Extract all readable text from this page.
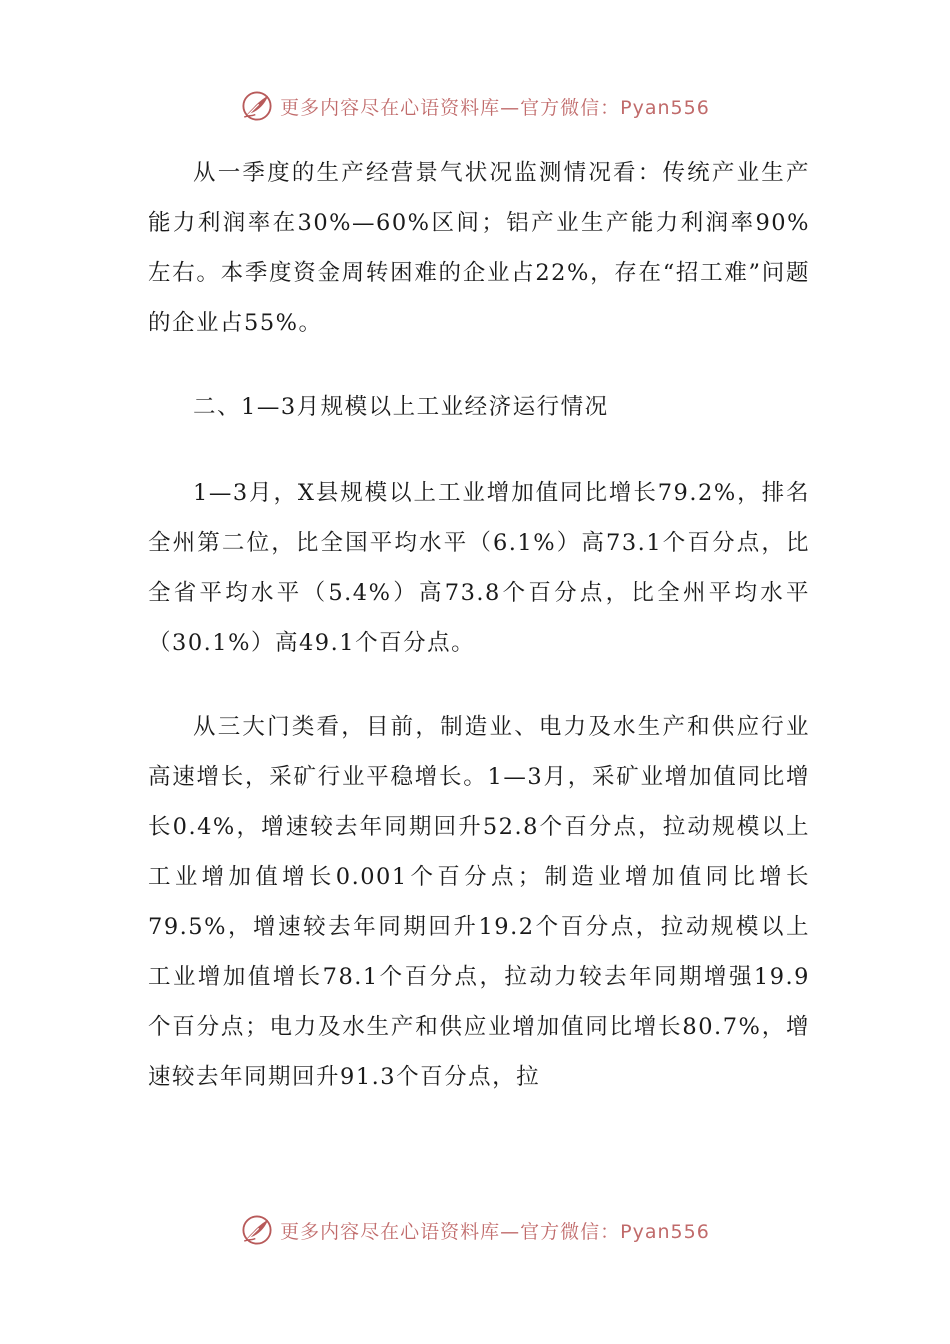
更多内容尽在心语资料库—官方微信：Pyan556

从一季度的生产经营景气状况监测情况看：传统产业生产能力利润率在30%—60%区间；铝产业生产能力利润率90%左右。本季度资金周转困难的企业占22%，存在“招工难”问题的企业占55%。

二、1—3月规模以上工业经济运行情况

1—3月，X县规模以上工业增加值同比增长79.2%，排名全州第二位，比全国平均水平（6.1%）高73.1个百分点，比全省平均水平（5.4%）高73.8个百分点，比全州平均水平（30.1%）高49.1个百分点。

从三大门类看，目前，制造业、电力及水生产和供应行业高速增长，采矿行业平稳增长。1—3月，采矿业增加值同比增长0.4%，增速较去年同期回升52.8个百分点，拉动规模以上工业增加值增长0.001个百分点；制造业增加值同比增长79.5%，增速较去年同期回升19.2个百分点，拉动规模以上工业增加值增长78.1个百分点，拉动力较去年同期增强19.9个百分点；电力及水生产和供应业增加值同比增长80.7%，增速较去年同期回升91.3个百分点，拉

更多内容尽在心语资料库—官方微信：Pyan556
